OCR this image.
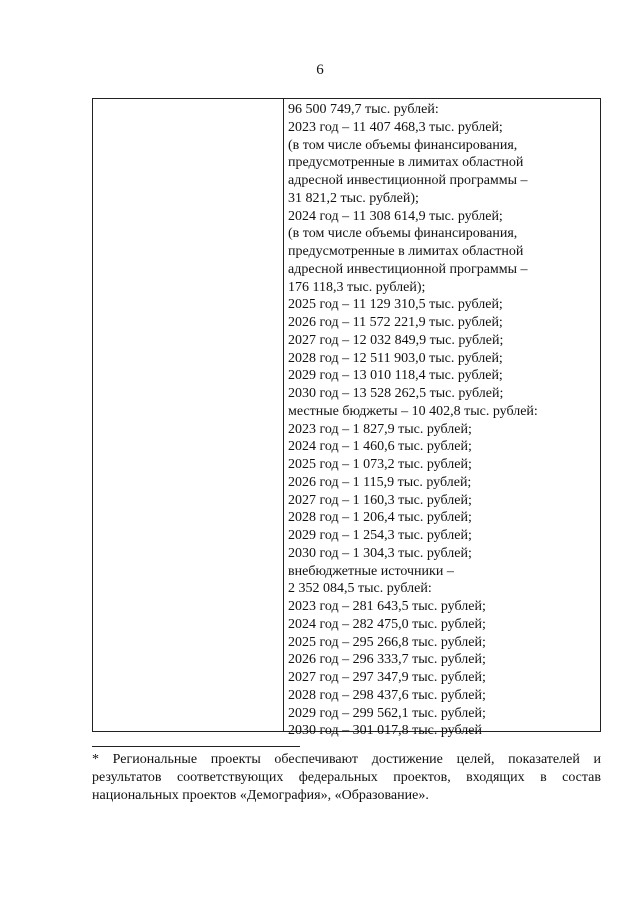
6
96 500 749,7 тыс. рублей:
2023 год – 11 407 468,3 тыс. рублей;
(в том числе объемы финансирования,
предусмотренные в лимитах областной
адресной инвестиционной программы –
31 821,2 тыс. рублей);
2024 год – 11 308 614,9 тыс. рублей;
(в том числе объемы финансирования,
предусмотренные в лимитах областной
адресной инвестиционной программы –
176 118,3 тыс. рублей);
2025 год – 11 129 310,5 тыс. рублей;
2026 год – 11 572 221,9 тыс. рублей;
2027 год – 12 032 849,9 тыс. рублей;
2028 год – 12 511 903,0 тыс. рублей;
2029 год – 13 010 118,4 тыс. рублей;
2030 год – 13 528 262,5 тыс. рублей;
местные бюджеты – 10 402,8 тыс. рублей:
2023 год – 1 827,9 тыс. рублей;
2024 год – 1 460,6 тыс. рублей;
2025 год – 1 073,2 тыс. рублей;
2026 год – 1 115,9 тыс. рублей;
2027 год – 1 160,3 тыс. рублей;
2028 год – 1 206,4 тыс. рублей;
2029 год – 1 254,3 тыс. рублей;
2030 год – 1 304,3 тыс. рублей;
внебюджетные источники –
2 352 084,5 тыс. рублей:
2023 год – 281 643,5 тыс. рублей;
2024 год – 282 475,0 тыс. рублей;
2025 год – 295 266,8 тыс. рублей;
2026 год – 296 333,7 тыс. рублей;
2027 год – 297 347,9 тыс. рублей;
2028 год – 298 437,6 тыс. рублей;
2029 год – 299 562,1 тыс. рублей;
2030 год – 301 017,8 тыс. рублей
* Региональные проекты обеспечивают достижение целей, показателей и результатов соответствующих федеральных проектов, входящих в состав национальных проектов «Демография», «Образование».
